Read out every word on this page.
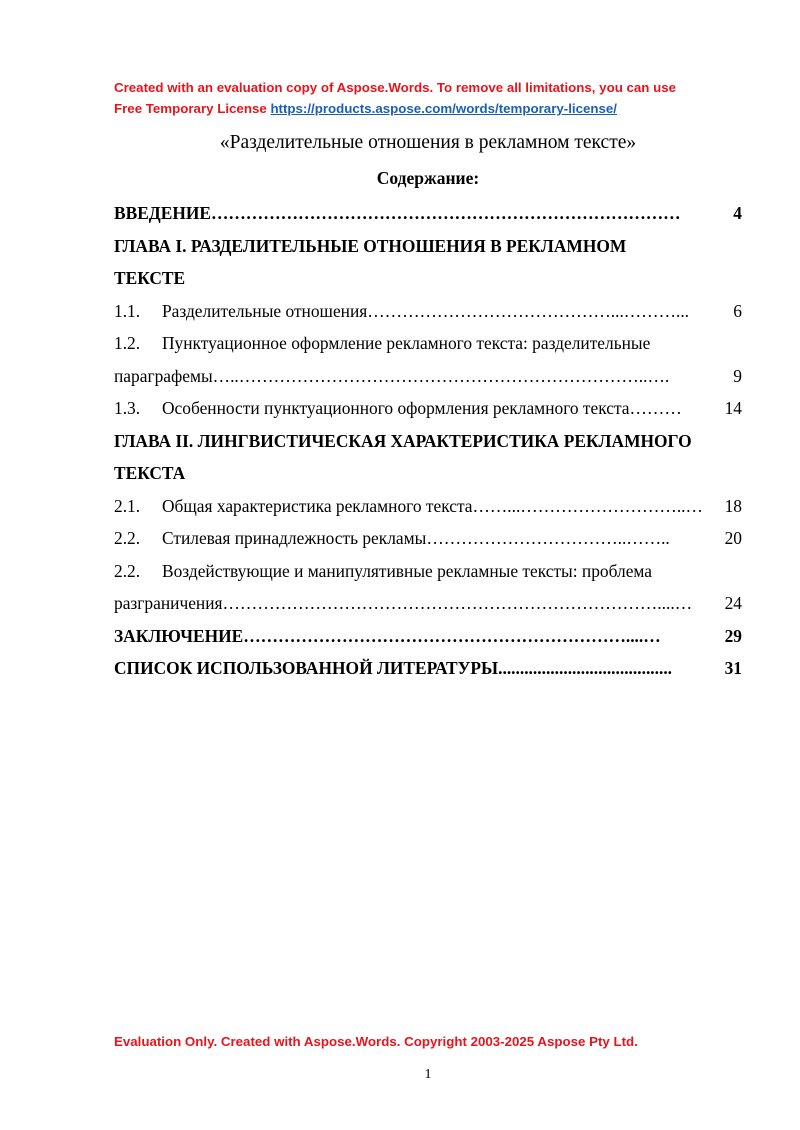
Created with an evaluation copy of Aspose.Words. To remove all limitations, you can use
Free Temporary License https://products.aspose.com/words/temporary-license/
«Разделительные отношения в рекламном тексте»
Содержание:
ВВЕДЕНИЕ ………………………………………………………………………	4
ГЛАВА I. РАЗДЕЛИТЕЛЬНЫЕ ОТНОШЕНИЯ В РЕКЛАМНОМ
ТЕКСТЕ
1.1. Разделительные отношения ……………………………………...………...	6
1.2. Пунктуационное оформление рекламного текста: разделительные
параграфемы …..……………………………………………………………..….	9
1.3. Особенности пунктуационного оформления рекламного текста ………	14
ГЛАВА II. ЛИНГВИСТИЧЕСКАЯ ХАРАКТЕРИСТИКА РЕКЛАМНОГО
ТЕКСТА
2.1. Общая характеристика рекламного текста ……...………………………..…	18
2.2. Стилевая принадлежность рекламы ……………………………..……..	20
2.2. Воздействующие и манипулятивные рекламные тексты: проблема
разграничения …………………………………………………………………....…	24
ЗАКЛЮЧЕНИЕ …………………………………………………………....…	29
СПИСОК ИСПОЛЬЗОВАННОЙ ЛИТЕРАТУРЫ ........................................	31
Evaluation Only. Created with Aspose.Words. Copyright 2003-2025 Aspose Pty Ltd.
1
